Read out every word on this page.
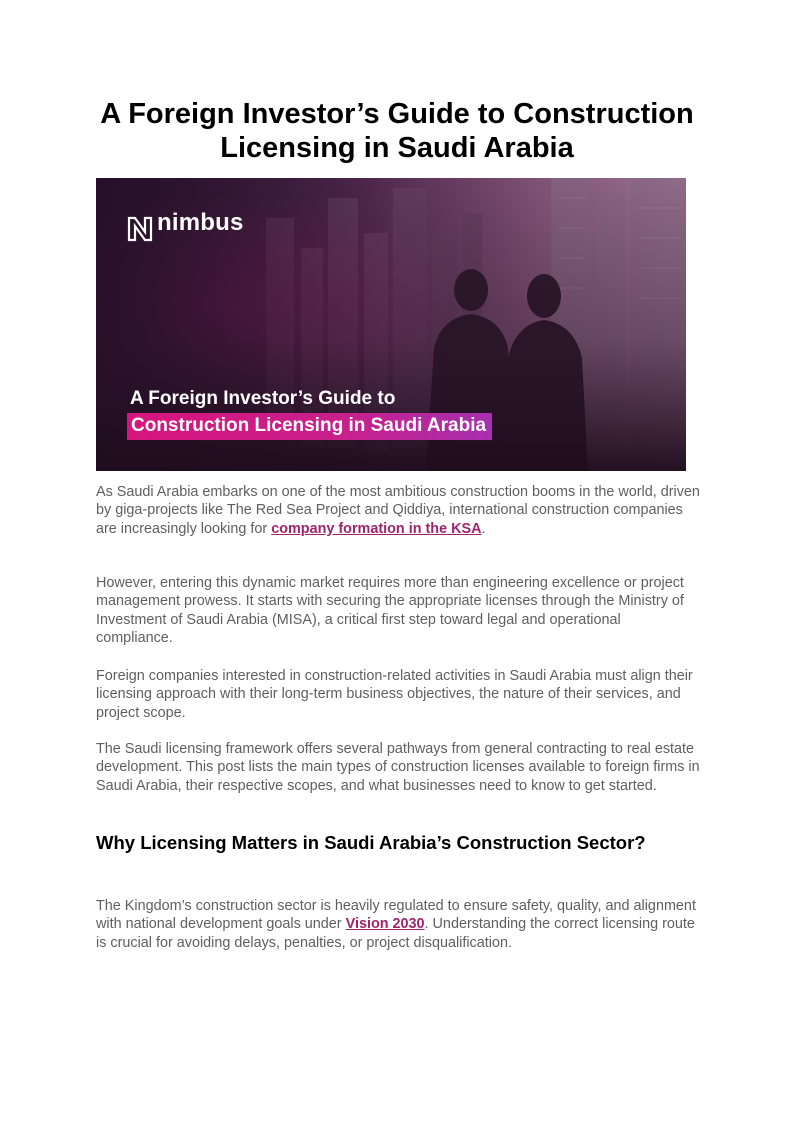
A Foreign Investor’s Guide to Construction Licensing in Saudi Arabia
nimbus
A Foreign Investor’s Guide to
Construction Licensing in Saudi Arabia

As Saudi Arabia embarks on one of the most ambitious construction booms in the world, driven by giga-projects like The Red Sea Project and Qiddiya, international construction companies are increasingly looking for company formation in the KSA.

However, entering this dynamic market requires more than engineering excellence or project management prowess. It starts with securing the appropriate licenses through the Ministry of Investment of Saudi Arabia (MISA), a critical first step toward legal and operational compliance.

Foreign companies interested in construction-related activities in Saudi Arabia must align their licensing approach with their long-term business objectives, the nature of their services, and project scope.

The Saudi licensing framework offers several pathways from general contracting to real estate development. This post lists the main types of construction licenses available to foreign firms in Saudi Arabia, their respective scopes, and what businesses need to know to get started.

Why Licensing Matters in Saudi Arabia’s Construction Sector?

The Kingdom’s construction sector is heavily regulated to ensure safety, quality, and alignment with national development goals under Vision 2030. Understanding the correct licensing route is crucial for avoiding delays, penalties, or project disqualification.
